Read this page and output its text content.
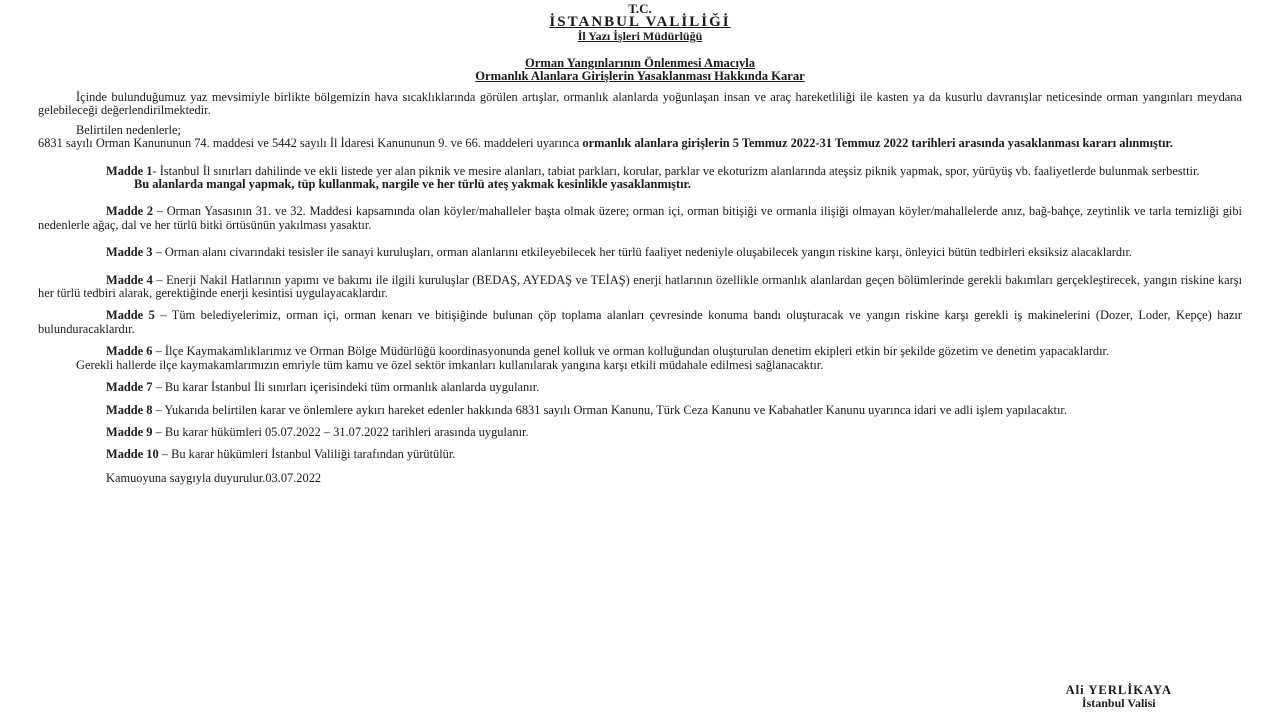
T.C.
İSTANBUL VALİLİĞİ
İl Yazı İşleri Müdürlüğü
Orman Yangınlarının Önlenmesi Amacıyla
Ormanlık Alanlara Girişlerin Yasaklanması Hakkında Karar

İçinde bulunduğumuz yaz mevsimiyle birlikte bölgemizin hava sıcaklıklarında görülen artışlar, ormanlık alanlarda yoğunlaşan insan ve araç hareketliliği ile kasten ya da kusurlu davranışlar neticesinde orman yangınları meydana gelebileceği değerlendirilmektedir.

Belirtilen nedenlerle;

6831 sayılı Orman Kanununun 74. maddesi ve 5442 sayılı İl İdaresi Kanununun 9. ve 66. maddeleri uyarınca ormanlık alanlara girişlerin 5 Temmuz 2022-31 Temmuz 2022 tarihleri arasında yasaklanması kararı alınmıştır.

Madde 1- İstanbul İl sınırları dahilinde ve ekli listede yer alan piknik ve mesire alanları, tabiat parkları, korular, parklar ve ekoturizm alanlarında ateşsiz piknik yapmak, spor, yürüyüş vb. faaliyetlerde bulunmak serbesttir.

Bu alanlarda mangal yapmak, tüp kullanmak, nargile ve her türlü ateş yakmak kesinlikle yasaklanmıştır.

Madde 2 – Orman Yasasının 31. ve 32. Maddesi kapsamında olan köyler/mahalleler başta olmak üzere; orman içi, orman bitişiği ve ormanla ilişiği olmayan köyler/mahallelerde anız, bağ-bahçe, zeytinlik ve tarla temizliği gibi nedenlerle ağaç, dal ve her türlü bitki örtüsünün yakılması yasaktır.

Madde 3 – Orman alanı civarındaki tesisler ile sanayi kuruluşları, orman alanlarını etkileyebilecek her türlü faaliyet nedeniyle oluşabilecek yangın riskine karşı, önleyici bütün tedbirleri eksiksiz alacaklardır.

Madde 4 – Enerji Nakil Hatlarının yapımı ve bakımı ile ilgili kuruluşlar (BEDAŞ, AYEDAŞ ve TEİAŞ) enerji hatlarının özellikle ormanlık alanlardan geçen bölümlerinde gerekli bakımları gerçekleştirecek, yangın riskine karşı her türlü tedbiri alarak, gerektiğinde enerji kesintisi uygulayacaklardır.

Madde 5 – Tüm belediyelerimiz, orman içi, orman kenarı ve bitişiğinde bulunan çöp toplama alanları çevresinde konuma bandı oluşturacak ve yangın riskine karşı gerekli iş makinelerini (Dozer, Loder, Kepçe) hazır bulunduracaklardır.

Madde 6 – İlçe Kaymakamlıklarımız ve Orman Bölge Müdürlüğü koordinasyonunda genel kolluk ve orman kolluğundan oluşturulan denetim ekipleri etkin bir şekilde gözetim ve denetim yapacaklardır.

Gerekli hallerde ilçe kaymakamlarımızın emriyle tüm kamu ve özel sektör imkanları kullanılarak yangına karşı etkili müdahale edilmesi sağlanacaktır.

Madde 7 – Bu karar İstanbul İli sınırları içerisindeki tüm ormanlık alanlarda uygulanır.

Madde 8 – Yukarıda belirtilen karar ve önlemlere aykırı hareket edenler hakkında 6831 sayılı Orman Kanunu, Türk Ceza Kanunu ve Kabahatler Kanunu uyarınca idari ve adli işlem yapılacaktır.

Madde 9 – Bu karar hükümleri 05.07.2022 – 31.07.2022 tarihleri arasında uygulanır.

Madde 10 – Bu karar hükümleri İstanbul Valiliği tarafından yürütülür.

Kamuoyuna saygıyla duyurulur.03.07.2022

Ali YERLİKAYA
İstanbul Valisi
